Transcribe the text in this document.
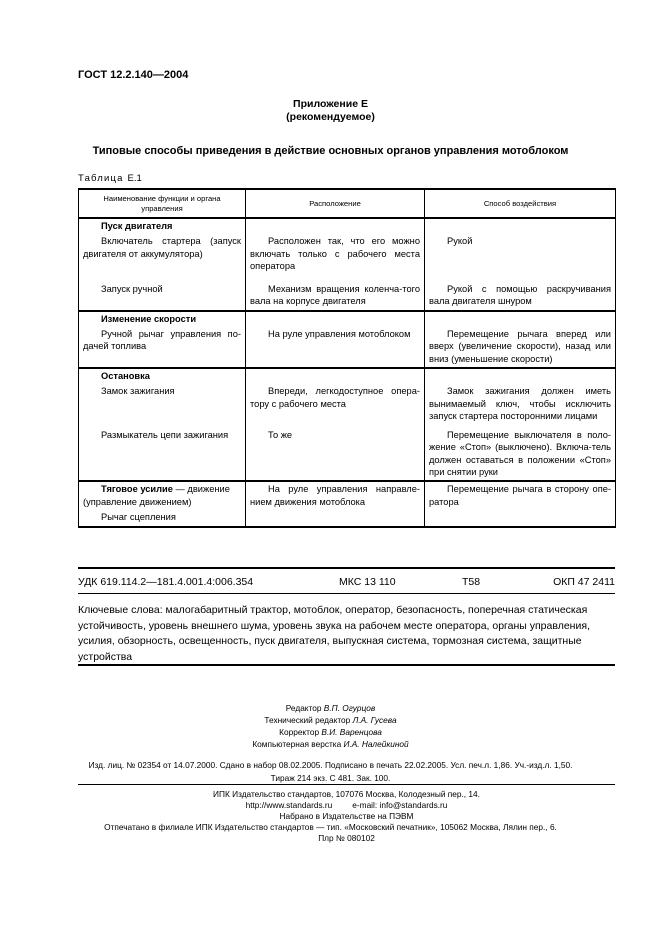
ГОСТ 12.2.140—2004
Приложение Е
(рекомендуемое)
Типовые способы приведения в действие основных органов управления мотоблоком
Таблица Е.1
Наименование функции и органа управления	Расположение	Способ воздействия
Пуск двигателя		
Включатель стартера (запуск двигателя от аккумулятора)	Расположен так, что его можно включать только с рабочего места оператора	Рукой
Запуск ручной	Механизм вращения коленча-того вала на корпусе двигателя	Рукой с помощью раскручивания вала двигателя шнуром
Изменение скорости		
Ручной рычаг управления по-дачей топлива	На руле управления мотоблоком	Перемещение рычага вперед или вверх (увеличение скорости), назад или вниз (уменьшение скорости)
Остановка		
Замок зажигания	Впереди, легкодоступное опера-тору с рабочего места	Замок зажигания должен иметь вынимаемый ключ, чтобы исключить запуск стартера посторонними лицами
Размыкатель цепи зажигания	То же	Перемещение выключателя в поло-жение «Стоп» (выключено). Включа-тель должен оставаться в положении «Стоп» при снятии руки
Тяговое усилие — движение (управление движением)	На руле управления направле-нием движения мотоблока	Перемещение рычага в сторону опе-ратора
Рычаг сцепления		
УДК 619.114.2—181.4.001.4:006.354	МКС 13 110	Т58	ОКП 47 2411
Ключевые слова: малогабаритный трактор, мотоблок, оператор, безопасность, поперечная статическая устойчивость, уровень внешнего шума, уровень звука на рабочем месте оператора, органы управления, усилия, обзорность, освещенность, пуск двигателя, выпускная система, тормозная система, защитные устройства
Редактор В.П. Огурцов
Технический редактор Л.А. Гусева
Корректор В.И. Варенцова
Компьютерная верстка И.А. Налейкиной
Изд. лиц. № 02354 от 14.07.2000. Сдано в набор 08.02.2005. Подписано в печать 22.02.2005. Усл. печ.л. 1,86. Уч.-изд.л. 1,50.
Тираж 214 экз. С 481. Зак. 100.
ИПК Издательство стандартов, 107076 Москва, Колодезный пер., 14.
http://www.standards.ru e-mail: info@standards.ru
Набрано в Издательстве на ПЭВМ
Отпечатано в филиале ИПК Издательство стандартов — тип. «Московский печатник», 105062 Москва, Лялин пер., 6.
Плр № 080102
